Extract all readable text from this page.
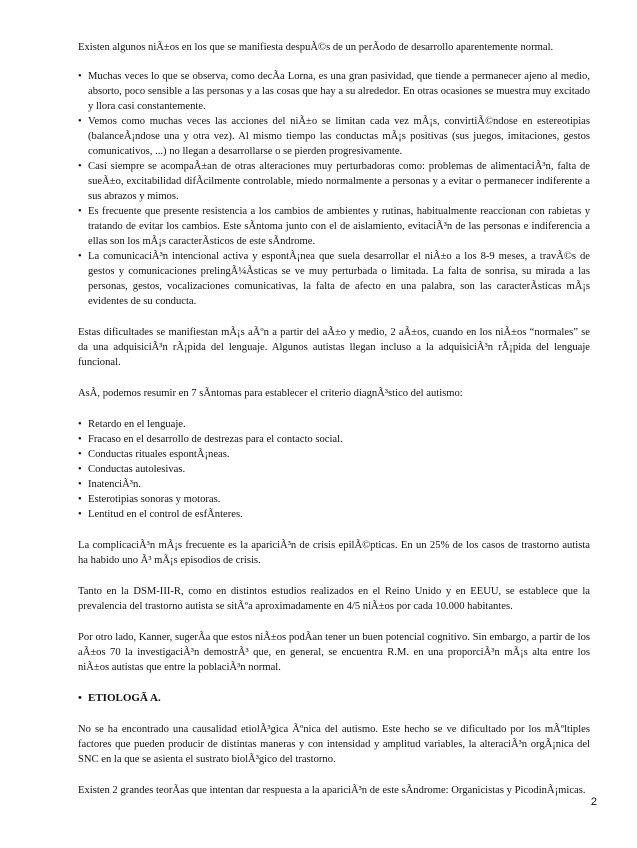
Existen algunos niÃ±os en los que se manifiesta despuÃ©s de un perÃodo de desarrollo aparentemente normal.

• Muchas veces lo que se observa, como decÃa Lorna, es una gran pasividad, que tiende a permanecer ajeno al medio, absorto, poco sensible a las personas y a las cosas que hay a su alrededor. En otras ocasiones se muestra muy excitado y llora casi constantemente.
• Vemos como muchas veces las acciones del niÃ±o se limitan cada vez mÃ¡s, convirtiÃ©ndose en estereotipias (balanceÃ¡ndose una y otra vez). Al mismo tiempo las conductas mÃ¡s positivas (sus juegos, imitaciones, gestos comunicativos, ...) no llegan a desarrollarse o se pierden progresivamente.
• Casi siempre se acompaÃ±an de otras alteraciones muy perturbadoras como: problemas de alimentaciÃ³n, falta de sueÃ±o, excitabilidad difÃcilmente controlable, miedo normalmente a personas y a evitar o permanecer indiferente a sus abrazos y mimos.
• Es frecuente que presente resistencia a los cambios de ambientes y rutinas, habitualmente reaccionan con rabietas y tratando de evitar los cambios. Este sÃntoma junto con el de aislamiento, evitaciÃ³n de las personas e indiferencia a ellas son los mÃ¡s caracterÃsticos de este sÃndrome.
• La comunicaciÃ³n intencional activa y espontÃ¡nea que suela desarrollar el niÃ±o a los 8-9 meses, a travÃ©s de gestos y comunicaciones prelingÃ¼Ãsticas se ve muy perturbada o limitada. La falta de sonrisa, su mirada a las personas, gestos, vocalizaciones comunicativas, la falta de afecto en una palabra, son las caracterÃsticas mÃ¡s evidentes de su conducta.

Estas dificultades se manifiestan mÃ¡s aÃºn a partir del aÃ±o y medio, 2 aÃ±os, cuando en los niÃ±os “normales” se da una adquisiciÃ³n rÃ¡pida del lenguaje. Algunos autistas llegan incluso a la adquisiciÃ³n rÃ¡pida del lenguaje funcional.

AsÃ, podemos resumir en 7 sÃntomas para establecer el criterio diagnÃ³stico del autismo:

• Retardo en el lenguaje.
• Fracaso en el desarrollo de destrezas para el contacto social.
• Conductas rituales espontÃ¡neas.
• Conductas autolesivas.
• InatenciÃ³n.
• Esterotipias sonoras y motoras.
• Lentitud en el control de esfÃnteres.

La complicaciÃ³n mÃ¡s frecuente es la apariciÃ³n de crisis epilÃ©pticas. En un 25% de los casos de trastorno autista ha habido uno Ã³ mÃ¡s episodios de crisis.

Tanto en la DSM-III-R, como en distintos estudios realizados en el Reino Unido y en EEUU, se establece que la prevalencia del trastorno autista se sitÃºa aproximadamente en 4/5 niÃ±os por cada 10.000 habitantes.

Por otro lado, Kanner, sugerÃa que estos niÃ±os podÃan tener un buen potencial cognitivo. Sin embargo, a partir de los aÃ±os 70 la investigaciÃ³n demostrÃ³ que, en general, se encuentra R.M. en una proporciÃ³n mÃ¡s alta entre los niÃ±os autistas que entre la poblaciÃ³n normal.

• ETIOLOGÃ A.

No se ha encontrado una causalidad etiolÃ³gica Ãºnica del autismo. Este hecho se ve dificultado por los mÃºltiples factores que pueden producir de distintas maneras y con intensidad y amplitud variables, la alteraciÃ³n orgÃ¡nica del SNC en la que se asienta el sustrato biolÃ³gico del trastorno.

Existen 2 grandes teorÃas que intentan dar respuesta a la apariciÃ³n de este sÃndrome: Organicistas y PicodinÃ¡micas.

2
